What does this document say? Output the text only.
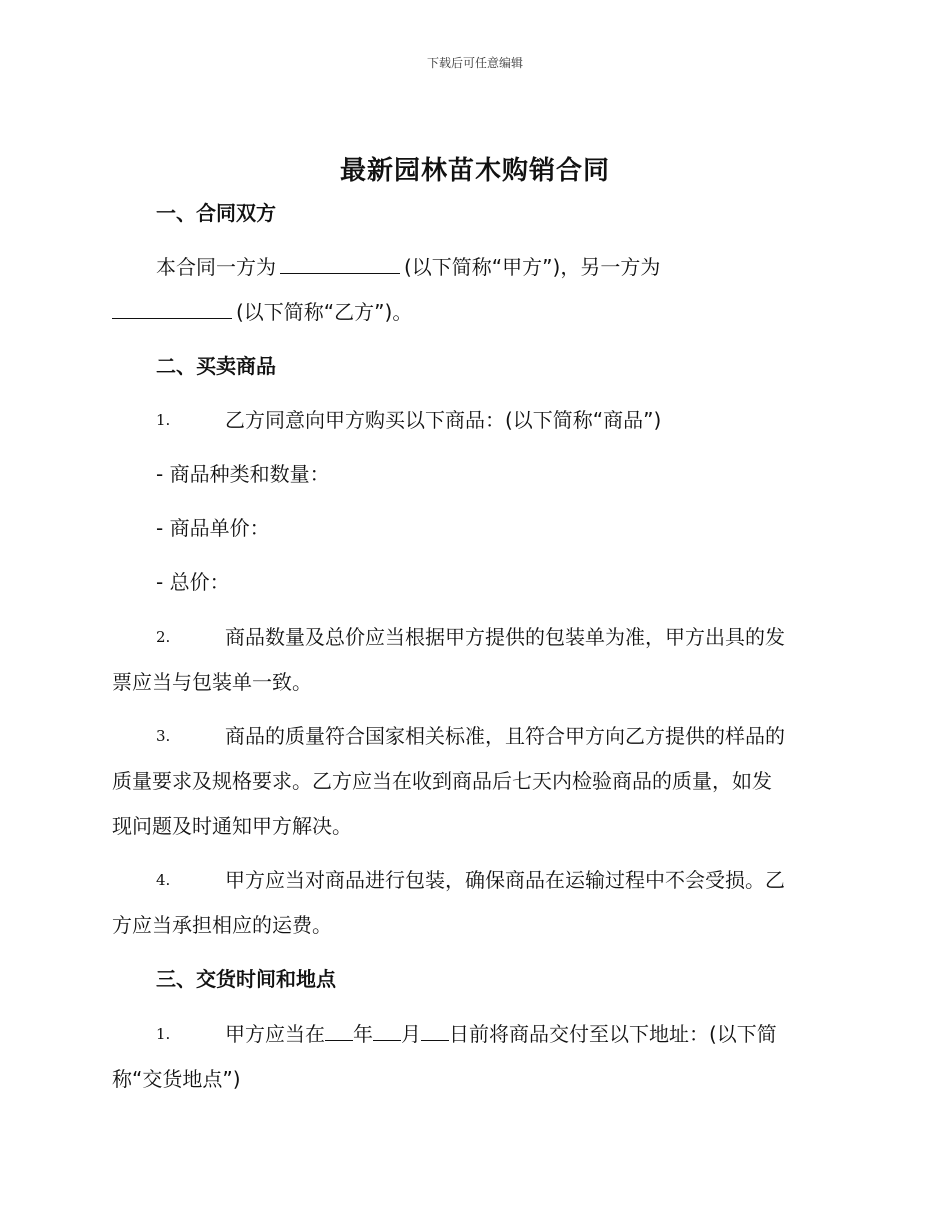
下载后可任意编辑
最新园林苗木购销合同
一、合同双方
本合同一方为	(以下简称“甲方”)，另一方为
(以下简称“乙方”)。
二、买卖商品
1.	乙方同意向甲方购买以下商品：(以下简称“商品”)
- 商品种类和数量：
- 商品单价：
- 总价：
2.	商品数量及总价应当根据甲方提供的包装单为准，甲方出具的发
票应当与包装单一致。
3.	商品的质量符合国家相关标准，且符合甲方向乙方提供的样品的
质量要求及规格要求。乙方应当在收到商品后七天内检验商品的质量，如发
现问题及时通知甲方解决。
4.	甲方应当对商品进行包装，确保商品在运输过程中不会受损。乙
方应当承担相应的运费。
三、交货时间和地点
1.	甲方应当在 年 月 日前将商品交付至以下地址：(以下简
称“交货地点”)
